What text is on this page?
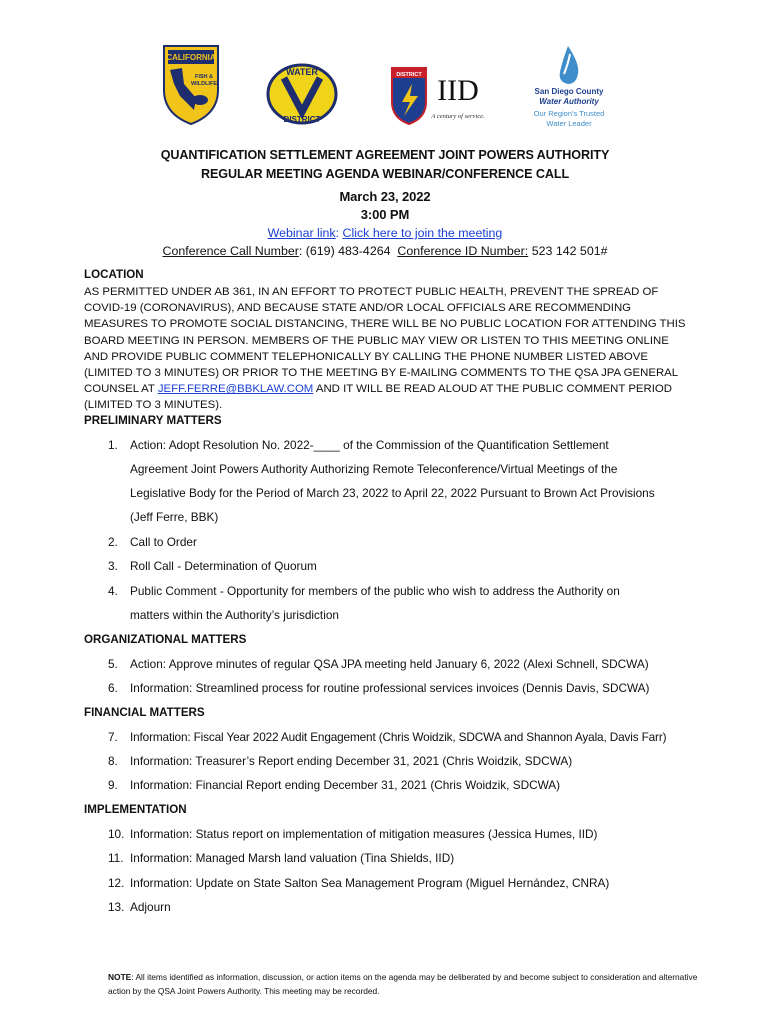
CALIFORNIA
FISH &
WILDLIFE
WATER
DISTRICT
DISTRICT IID
A century of service.
San Diego County
Water Authority
Our Region's Trusted
Water Leader
QUANTIFICATION SETTLEMENT AGREEMENT JOINT POWERS AUTHORITY
REGULAR MEETING AGENDA WEBINAR/CONFERENCE CALL
March 23, 2022
3:00 PM
Webinar link: Click here to join the meeting
Conference Call Number: (619) 483-4264 Conference ID Number: 523 142 501#
LOCATION
AS PERMITTED UNDER AB 361, IN AN EFFORT TO PROTECT PUBLIC HEALTH, PREVENT THE SPREAD OF COVID-19 (CORONAVIRUS), AND BECAUSE STATE AND/OR LOCAL OFFICIALS ARE RECOMMENDING MEASURES TO PROMOTE SOCIAL DISTANCING, THERE WILL BE NO PUBLIC LOCATION FOR ATTENDING THIS BOARD MEETING IN PERSON. MEMBERS OF THE PUBLIC MAY VIEW OR LISTEN TO THIS MEETING ONLINE AND PROVIDE PUBLIC COMMENT TELEPHONICALLY BY CALLING THE PHONE NUMBER LISTED ABOVE (LIMITED TO 3 MINUTES) OR PRIOR TO THE MEETING BY E-MAILING COMMENTS TO THE QSA JPA GENERAL COUNSEL AT JEFF.FERRE@BBKLAW.COM AND IT WILL BE READ ALOUD AT THE PUBLIC COMMENT PERIOD (LIMITED TO 3 MINUTES).
PRELIMINARY MATTERS
ORGANIZATIONAL MATTERS
FINANCIAL MATTERS
IMPLEMENTATION
1.	Action: Adopt Resolution No. 2022-____ of the Commission of the Quantification Settlement
Agreement Joint Powers Authority Authorizing Remote Teleconference/Virtual Meetings of the
Legislative Body for the Period of March 23, 2022 to April 22, 2022 Pursuant to Brown Act Provisions
(Jeff Ferre, BBK)
2.	Call to Order
3.	Roll Call - Determination of Quorum
4.	Public Comment - Opportunity for members of the public who wish to address the Authority on
matters within the Authority’s jurisdiction
5.	Action: Approve minutes of regular QSA JPA meeting held January 6, 2022 (Alexi Schnell, SDCWA)
6.	Information: Streamlined process for routine professional services invoices (Dennis Davis, SDCWA)
7.	Information: Fiscal Year 2022 Audit Engagement (Chris Woidzik, SDCWA and Shannon Ayala, Davis Farr)
8.	Information: Treasurer’s Report ending December 31, 2021 (Chris Woidzik, SDCWA)
9.	Information: Financial Report ending December 31, 2021 (Chris Woidzik, SDCWA)
10. Information: Status report on implementation of mitigation measures (Jessica Humes, IID)
11. Information: Managed Marsh land valuation (Tina Shields, IID)
12. Information: Update on State Salton Sea Management Program (Miguel Hernández, CNRA)
13. Adjourn
NOTE: All items identified as information, discussion, or action items on the agenda may be deliberated by and become subject to consideration and alternative action by the QSA Joint Powers Authority. This meeting may be recorded.
